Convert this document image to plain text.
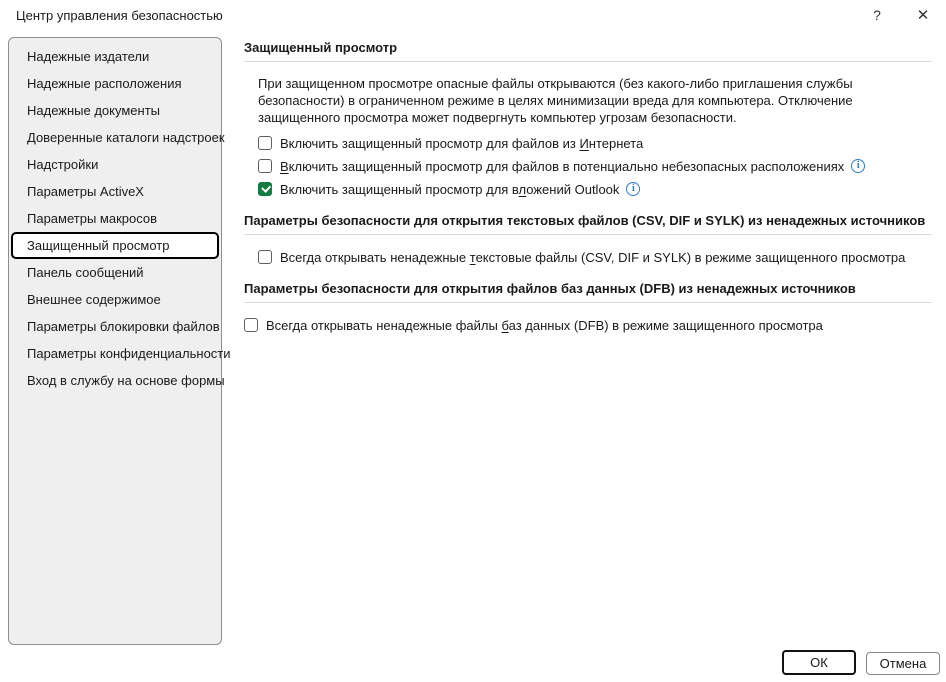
Центр управления безопасностью	?	✕
Надежные издатели
Надежные расположения
Надежные документы
Доверенные каталоги надстроек
Надстройки
Параметры ActiveX
Параметры макросов
Защищенный просмотр
Панель сообщений
Внешнее содержимое
Параметры блокировки файлов
Параметры конфиденциальности
Вход в службу на основе формы
Защищенный просмотр
При защищенном просмотре опасные файлы открываются (без какого-либо приглашения службы безопасности) в ограниченном режиме в целях минимизации вреда для компьютера. Отключение защищенного просмотра может подвергнуть компьютер угрозам безопасности.
Включить защищенный просмотр для файлов из Интернета
Включить защищенный просмотр для файлов в потенциально небезопасных расположениях	i
Включить защищенный просмотр для вложений Outlook	i
Параметры безопасности для открытия текстовых файлов (CSV, DIF и SYLK) из ненадежных источников
Всегда открывать ненадежные текстовые файлы (CSV, DIF и SYLK) в режиме защищенного просмотра
Параметры безопасности для открытия файлов баз данных (DFB) из ненадежных источников
Всегда открывать ненадежные файлы баз данных (DFB) в режиме защищенного просмотра
ОК	Отмена
